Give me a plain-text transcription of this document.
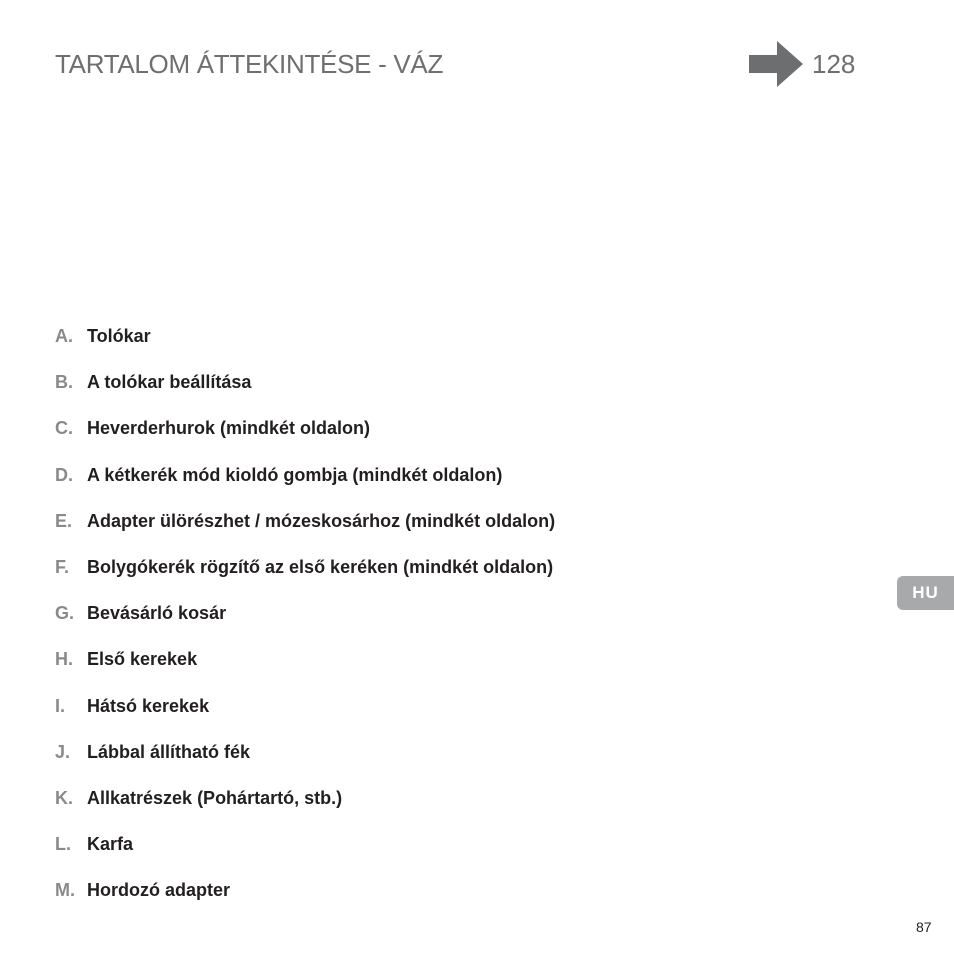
TARTALOM ÁTTEKINTÉSE - VÁZ	128
A. Tolókar
B. A tolókar beállítása
C. Heverderhurok (mindkét oldalon)
D. A kétkerék mód kioldó gombja (mindkét oldalon)
E. Adapter ülörészhet / mózeskosárhoz (mindkét oldalon)
F. Bolygókerék rögzítő az első keréken (mindkét oldalon)
G. Bevásárló kosár
H. Első kerekek
I.	Hátsó kerekek
J. Lábbal állítható fék
K. Allkatrészek (Pohártartó, stb.)
L. Karfa
M. Hordozó adapter
HU
87
